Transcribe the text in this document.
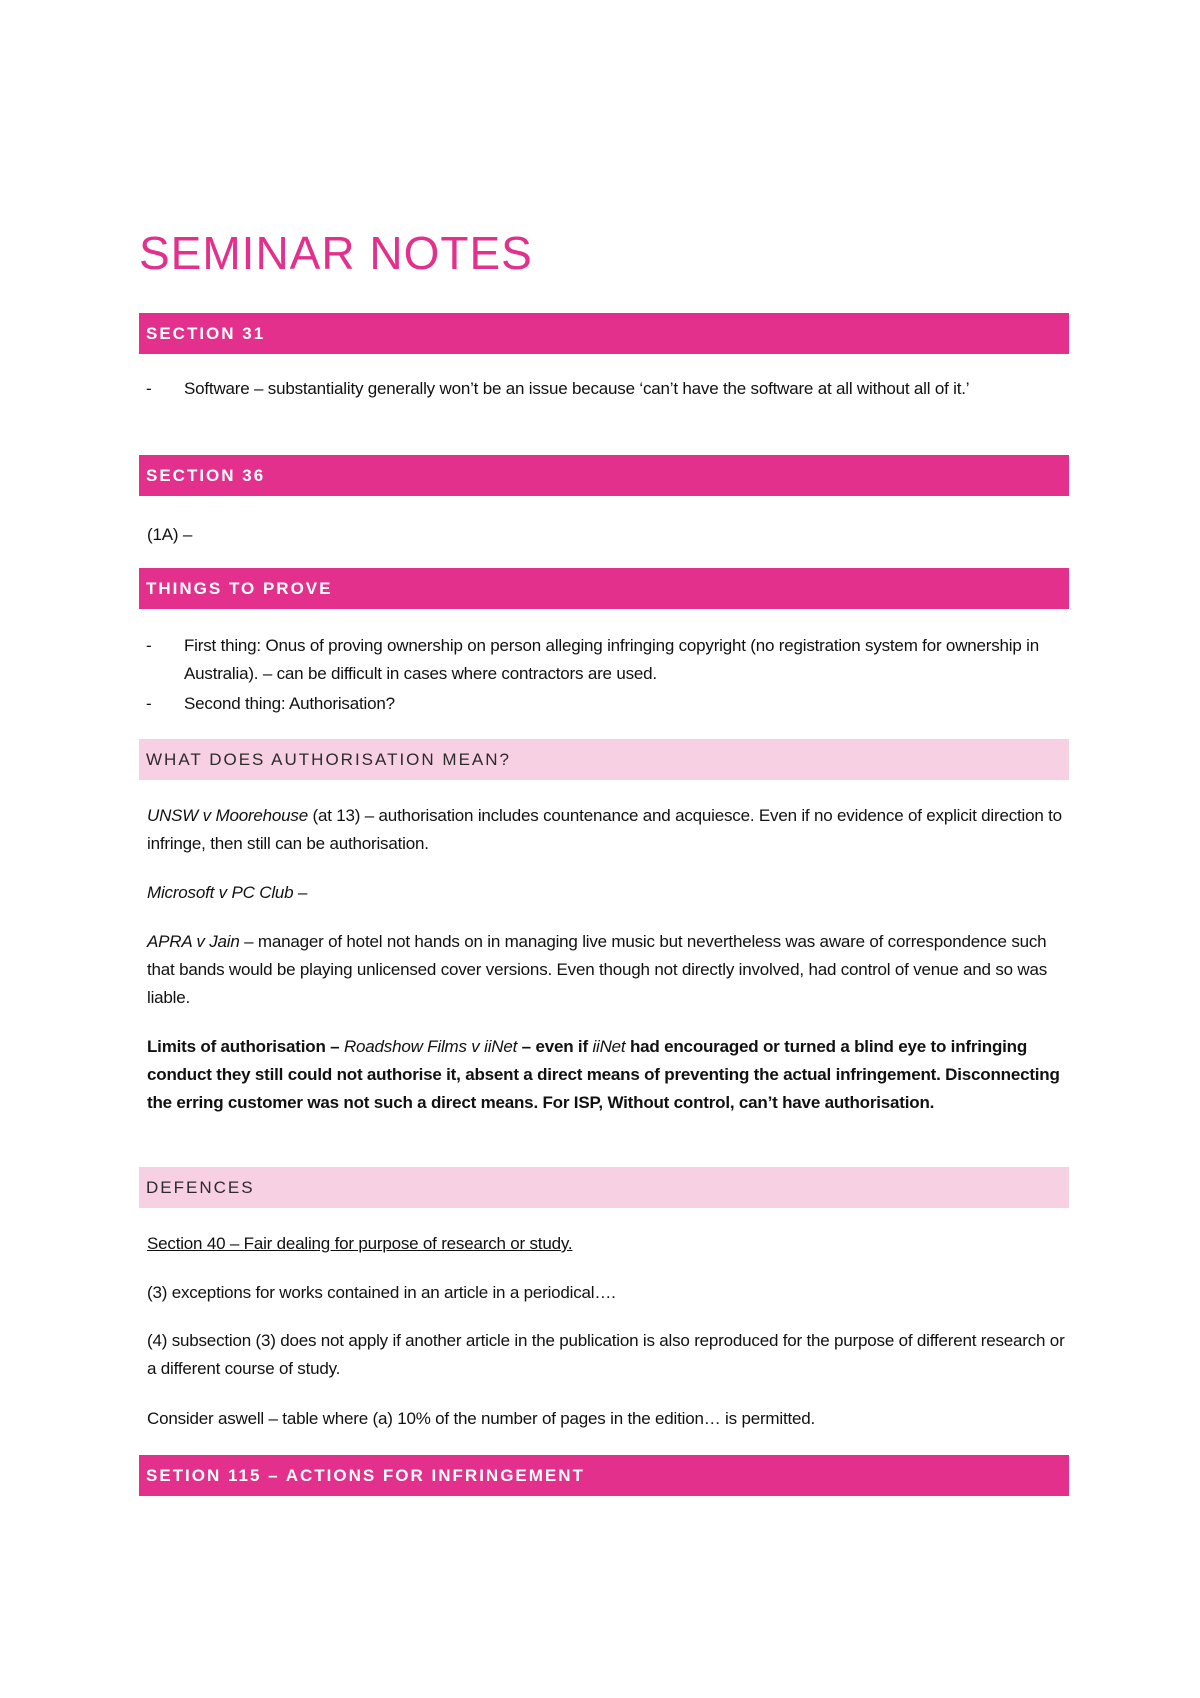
SEMINAR NOTES
SECTION 31
- Software – substantiality generally won’t be an issue because ‘can’t have the software at all without all of it.’
SECTION 36
(1A) –
THINGS TO PROVE
- First thing: Onus of proving ownership on person alleging infringing copyright (no registration system for ownership in Australia). – can be difficult in cases where contractors are used.
- Second thing: Authorisation?
WHAT DOES AUTHORISATION MEAN?
UNSW v Moorehouse (at 13) – authorisation includes countenance and acquiesce. Even if no evidence of explicit direction to infringe, then still can be authorisation.
Microsoft v PC Club –
APRA v Jain – manager of hotel not hands on in managing live music but nevertheless was aware of correspondence such that bands would be playing unlicensed cover versions. Even though not directly involved, had control of venue and so was liable.
Limits of authorisation – Roadshow Films v iiNet – even if iiNet had encouraged or turned a blind eye to infringing conduct they still could not authorise it, absent a direct means of preventing the actual infringement. Disconnecting the erring customer was not such a direct means. For ISP, Without control, can’t have authorisation.
DEFENCES
Section 40 – Fair dealing for purpose of research or study.
(3) exceptions for works contained in an article in a periodical….
(4) subsection (3) does not apply if another article in the publication is also reproduced for the purpose of different research or a different course of study.
Consider aswell – table where (a) 10% of the number of pages in the edition… is permitted.
SETION 115 – ACTIONS FOR INFRINGEMENT
